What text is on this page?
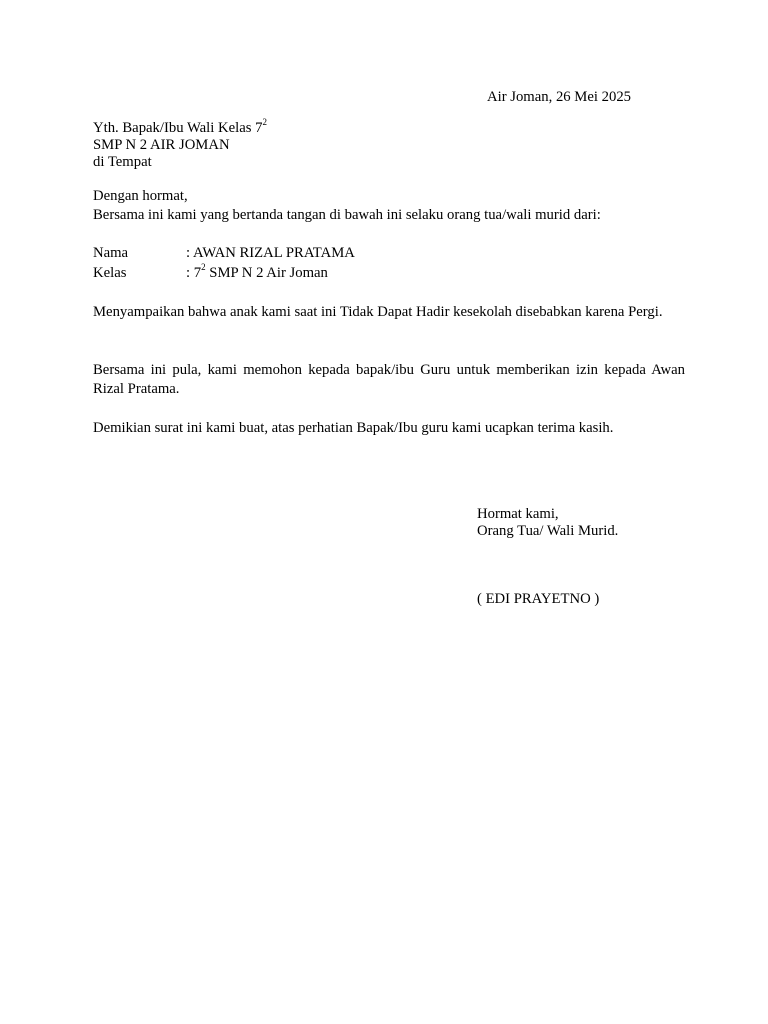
Air Joman, 26 Mei 2025
Yth. Bapak/Ibu Wali Kelas $7^2$
SMP N 2 AIR JOMAN
di Tempat
Dengan hormat,
Bersama ini kami yang bertanda tangan di bawah ini selaku orang tua/wali murid dari:
Nama	: AWAN RIZAL PRATAMA
Kelas	: $7^2$ SMP N 2 Air Joman
Menyampaikan bahwa anak kami saat ini Tidak Dapat Hadir kesekolah disebabkan karena Pergi.
Bersama ini pula, kami memohon kepada bapak/ibu Guru untuk memberikan izin kepada Awan Rizal Pratama.
Demikian surat ini kami buat, atas perhatian Bapak/Ibu guru kami ucapkan terima kasih.
Hormat kami,
Orang Tua/ Wali Murid.
( EDI PRAYETNO )
